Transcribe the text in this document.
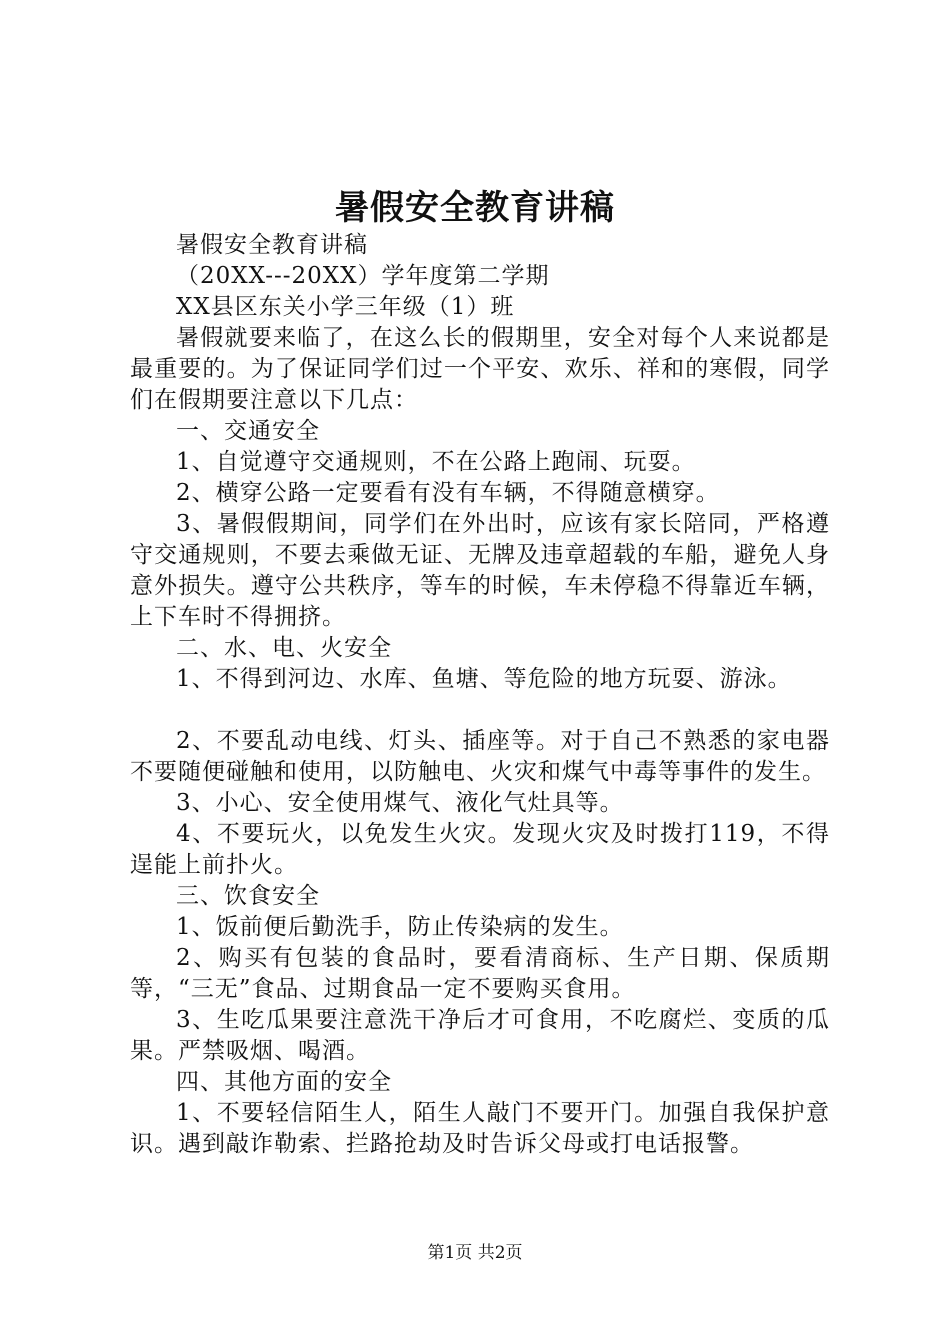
暑假安全教育讲稿

暑假安全教育讲稿

（20XX---20XX）学年度第二学期

XX县区东关小学三年级（1）班

暑假就要来临了，在这么长的假期里，安全对每个人来说都是最重要的。为了保证同学们过一个平安、欢乐、祥和的寒假，同学们在假期要注意以下几点：

一、交通安全

1、自觉遵守交通规则，不在公路上跑闹、玩耍。

2、横穿公路一定要看有没有车辆，不得随意横穿。

3、暑假假期间，同学们在外出时，应该有家长陪同，严格遵守交通规则，不要去乘做无证、无牌及违章超载的车船，避免人身意外损失。遵守公共秩序，等车的时候，车未停稳不得靠近车辆，上下车时不得拥挤。

二、水、电、火安全

1、不得到河边、水库、鱼塘、等危险的地方玩耍、游泳。

2、不要乱动电线、灯头、插座等。对于自己不熟悉的家电器不要随便碰触和使用，以防触电、火灾和煤气中毒等事件的发生。

3、小心、安全使用煤气、液化气灶具等。

4、不要玩火，以免发生火灾。发现火灾及时拨打119，不得逞能上前扑火。

三、饮食安全

1、饭前便后勤洗手，防止传染病的发生。

2、购买有包装的食品时，要看清商标、生产日期、保质期等，“三无”食品、过期食品一定不要购买食用。

3、生吃瓜果要注意洗干净后才可食用，不吃腐烂、变质的瓜果。严禁吸烟、喝酒。

四、其他方面的安全

1、不要轻信陌生人，陌生人敲门不要开门。加强自我保护意识。遇到敲诈勒索、拦路抢劫及时告诉父母或打电话报警。

第1页 共2页
